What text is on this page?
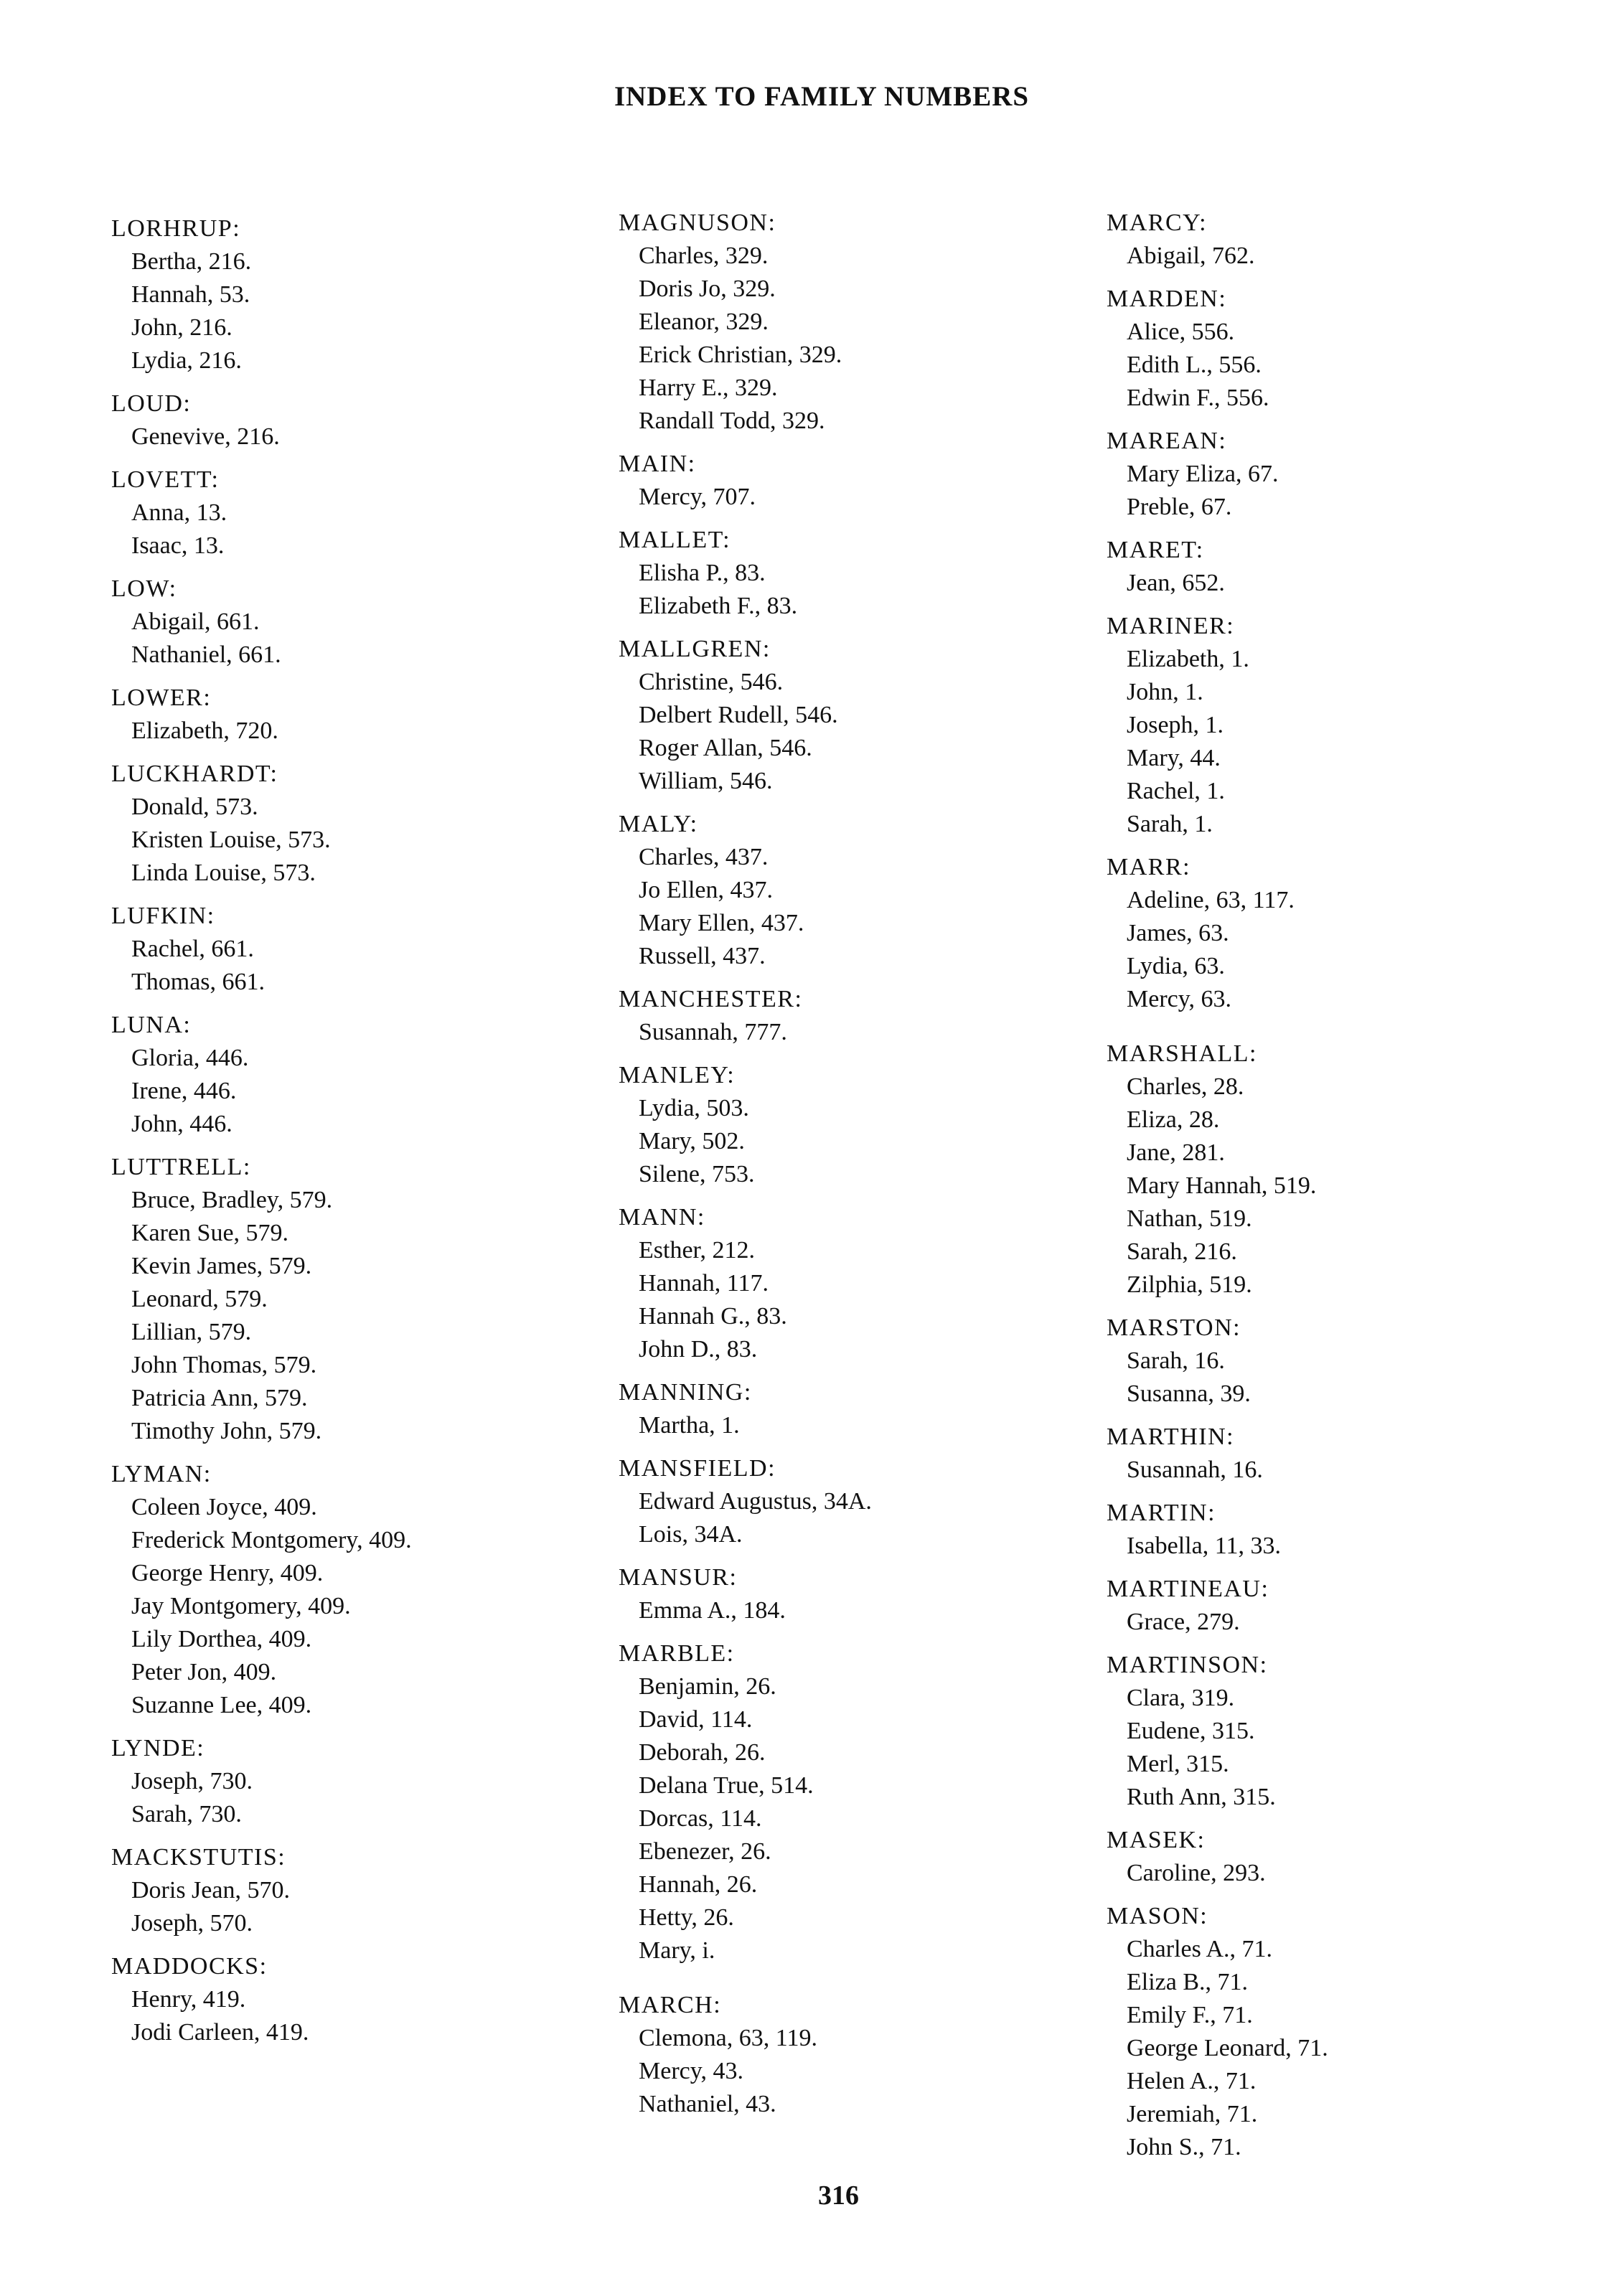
INDEX TO FAMILY NUMBERS
LORHRUP:
Bertha, 216.
Hannah, 53.
John, 216.
Lydia, 216.
LOUD:
Genevive, 216.
LOVETT:
Anna, 13.
Isaac, 13.
LOW:
Abigail, 661.
Nathaniel, 661.
LOWER:
Elizabeth, 720.
LUCKHARDT:
Donald, 573.
Kristen Louise, 573.
Linda Louise, 573.
LUFKIN:
Rachel, 661.
Thomas, 661.
LUNA:
Gloria, 446.
Irene, 446.
John, 446.
LUTTRELL:
Bruce, Bradley, 579.
Karen Sue, 579.
Kevin James, 579.
Leonard, 579.
Lillian, 579.
John Thomas, 579.
Patricia Ann, 579.
Timothy John, 579.
LYMAN:
Coleen Joyce, 409.
Frederick Montgomery, 409.
George Henry, 409.
Jay Montgomery, 409.
Lily Dorthea, 409.
Peter Jon, 409.
Suzanne Lee, 409.
LYNDE:
Joseph, 730.
Sarah, 730.
MACKSTUTIS:
Doris Jean, 570.
Joseph, 570.
MADDOCKS:
Henry, 419.
Jodi Carleen, 419.
MAGNUSON:
Charles, 329.
Doris Jo, 329.
Eleanor, 329.
Erick Christian, 329.
Harry E., 329.
Randall Todd, 329.
MAIN:
Mercy, 707.
MALLET:
Elisha P., 83.
Elizabeth F., 83.
MALLGREN:
Christine, 546.
Delbert Rudell, 546.
Roger Allan, 546.
William, 546.
MALY:
Charles, 437.
Jo Ellen, 437.
Mary Ellen, 437.
Russell, 437.
MANCHESTER:
Susannah, 777.
MANLEY:
Lydia, 503.
Mary, 502.
Silene, 753.
MANN:
Esther, 212.
Hannah, 117.
Hannah G., 83.
John D., 83.
MANNING:
Martha, 1.
MANSFIELD:
Edward Augustus, 34A.
Lois, 34A.
MANSUR:
Emma A., 184.
MARBLE:
Benjamin, 26.
David, 114.
Deborah, 26.
Delana True, 514.
Dorcas, 114.
Ebenezer, 26.
Hannah, 26.
Hetty, 26.
Mary, i.
MARCH:
Clemona, 63, 119.
Mercy, 43.
Nathaniel, 43.
MARCY:
Abigail, 762.
MARDEN:
Alice, 556.
Edith L., 556.
Edwin F., 556.
MAREAN:
Mary Eliza, 67.
Preble, 67.
MARET:
Jean, 652.
MARINER:
Elizabeth, 1.
John, 1.
Joseph, 1.
Mary, 44.
Rachel, 1.
Sarah, 1.
MARR:
Adeline, 63, 117.
James, 63.
Lydia, 63.
Mercy, 63.
MARSHALL:
Charles, 28.
Eliza, 28.
Jane, 281.
Mary Hannah, 519.
Nathan, 519.
Sarah, 216.
Zilphia, 519.
MARSTON:
Sarah, 16.
Susanna, 39.
MARTHIN:
Susannah, 16.
MARTIN:
Isabella, 11, 33.
MARTINEAU:
Grace, 279.
MARTINSON:
Clara, 319.
Eudene, 315.
Merl, 315.
Ruth Ann, 315.
MASEK:
Caroline, 293.
MASON:
Charles A., 71.
Eliza B., 71.
Emily F., 71.
George Leonard, 71.
Helen A., 71.
Jeremiah, 71.
John S., 71.
316
